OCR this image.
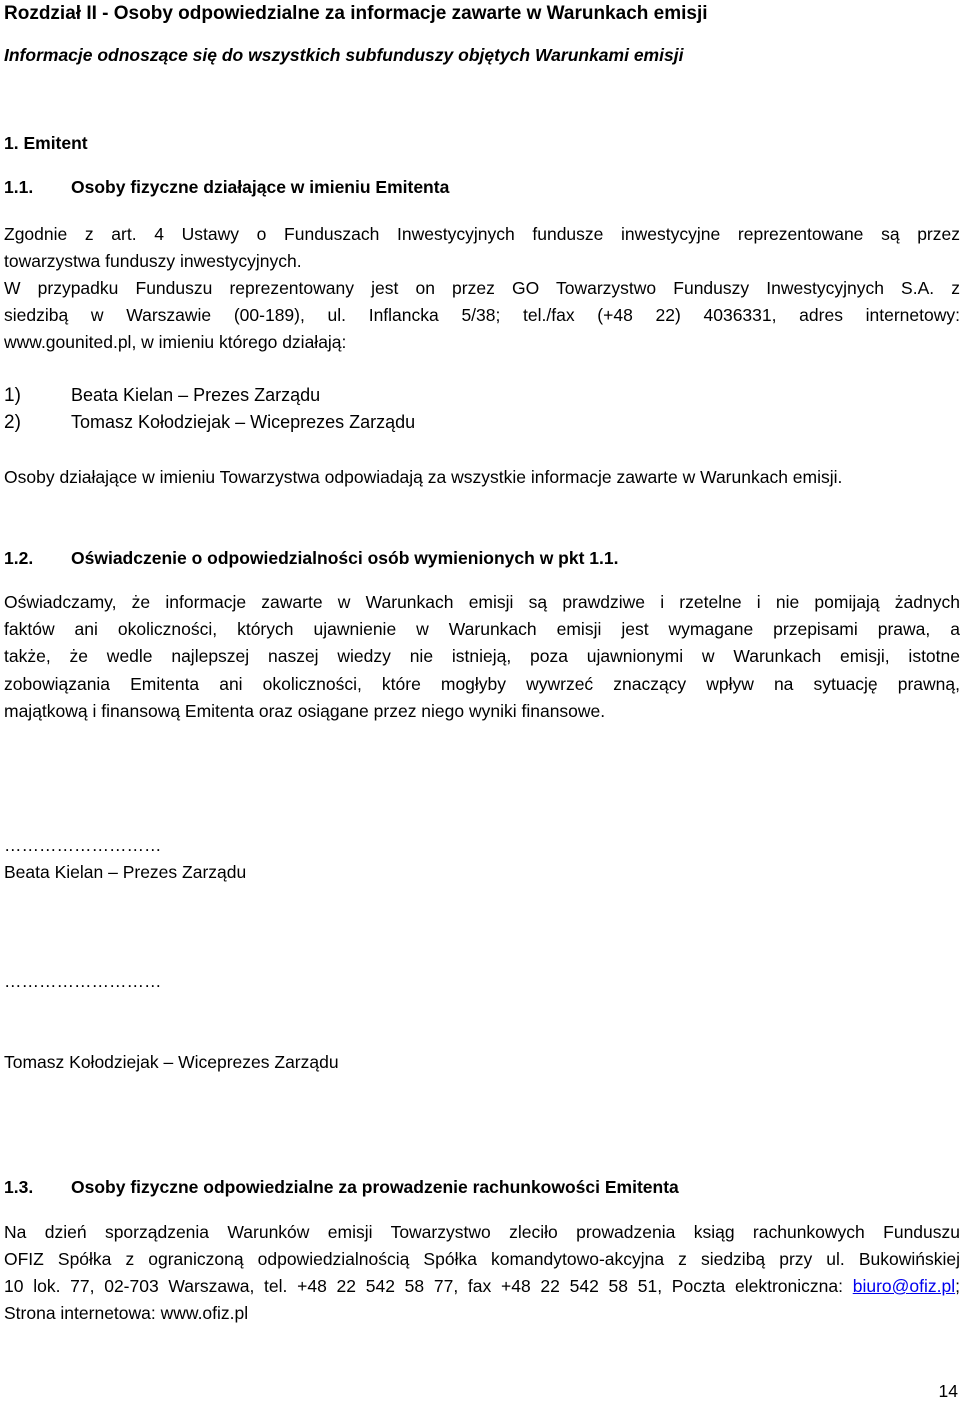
Rozdział II - Osoby odpowiedzialne za informacje zawarte w Warunkach emisji
Informacje odnoszące się do wszystkich subfunduszy objętych Warunkami emisji
1. Emitent
1.1. Osoby fizyczne działające w imieniu Emitenta
Zgodnie z art. 4 Ustawy o Funduszach Inwestycyjnych fundusze inwestycyjne reprezentowane są przez
towarzystwa funduszy inwestycyjnych.
W przypadku Funduszu reprezentowany jest on przez GO Towarzystwo Funduszy Inwestycyjnych S.A. z
siedzibą w Warszawie (00-189), ul. Inflancka 5/38; tel./fax (+48 22) 4036331, adres internetowy:
www.gounited.pl, w imieniu którego działają:
1)	Beata Kielan – Prezes Zarządu
2)	Tomasz Kołodziejak – Wiceprezes Zarządu
Osoby działające w imieniu Towarzystwa odpowiadają za wszystkie informacje zawarte w Warunkach emisji.
1.2. Oświadczenie o odpowiedzialności osób wymienionych w pkt 1.1.
Oświadczamy, że informacje zawarte w Warunkach emisji są prawdziwe i rzetelne i nie pomijają żadnych
faktów ani okoliczności, których ujawnienie w Warunkach emisji jest wymagane przepisami prawa, a
także, że wedle najlepszej naszej wiedzy nie istnieją, poza ujawnionymi w Warunkach emisji, istotne
zobowiązania Emitenta ani okoliczności, które mogłyby wywrzeć znaczący wpływ na sytuację prawną,
majątkową i finansową Emitenta oraz osiągane przez niego wyniki finansowe.
………………………
Beata Kielan – Prezes Zarządu
………………………
Tomasz Kołodziejak – Wiceprezes Zarządu
1.3. Osoby fizyczne odpowiedzialne za prowadzenie rachunkowości Emitenta
Na dzień sporządzenia Warunków emisji Towarzystwo zleciło prowadzenia ksiąg rachunkowych Funduszu
OFIZ Spółka z ograniczoną odpowiedzialnością Spółka komandytowo-akcyjna z siedzibą przy ul. Bukowińskiej
10 lok. 77, 02-703 Warszawa, tel. +48 22 542 58 77, fax +48 22 542 58 51, Poczta elektroniczna: biuro@ofiz.pl;
Strona internetowa: www.ofiz.pl
14
